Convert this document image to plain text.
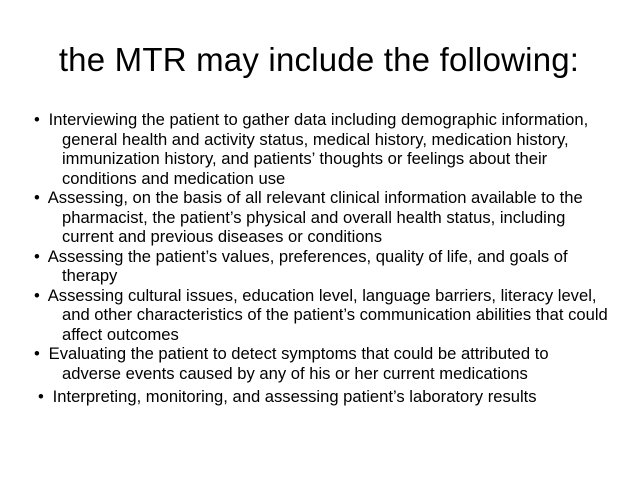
the MTR may include the following:
• Interviewing the patient to gather data including demographic information, general health and activity status, medical history, medication history, immunization history, and patients’ thoughts or feelings about their conditions and medication use
• Assessing, on the basis of all relevant clinical information available to the pharmacist, the patient’s physical and overall health status, including current and previous diseases or conditions
• Assessing the patient’s values, preferences, quality of life, and goals of therapy
• Assessing cultural issues, education level, language barriers, literacy level, and other characteristics of the patient’s communication abilities that could affect outcomes
• Evaluating the patient to detect symptoms that could be attributed to adverse events caused by any of his or her current medications
• Interpreting, monitoring, and assessing patient’s laboratory results
